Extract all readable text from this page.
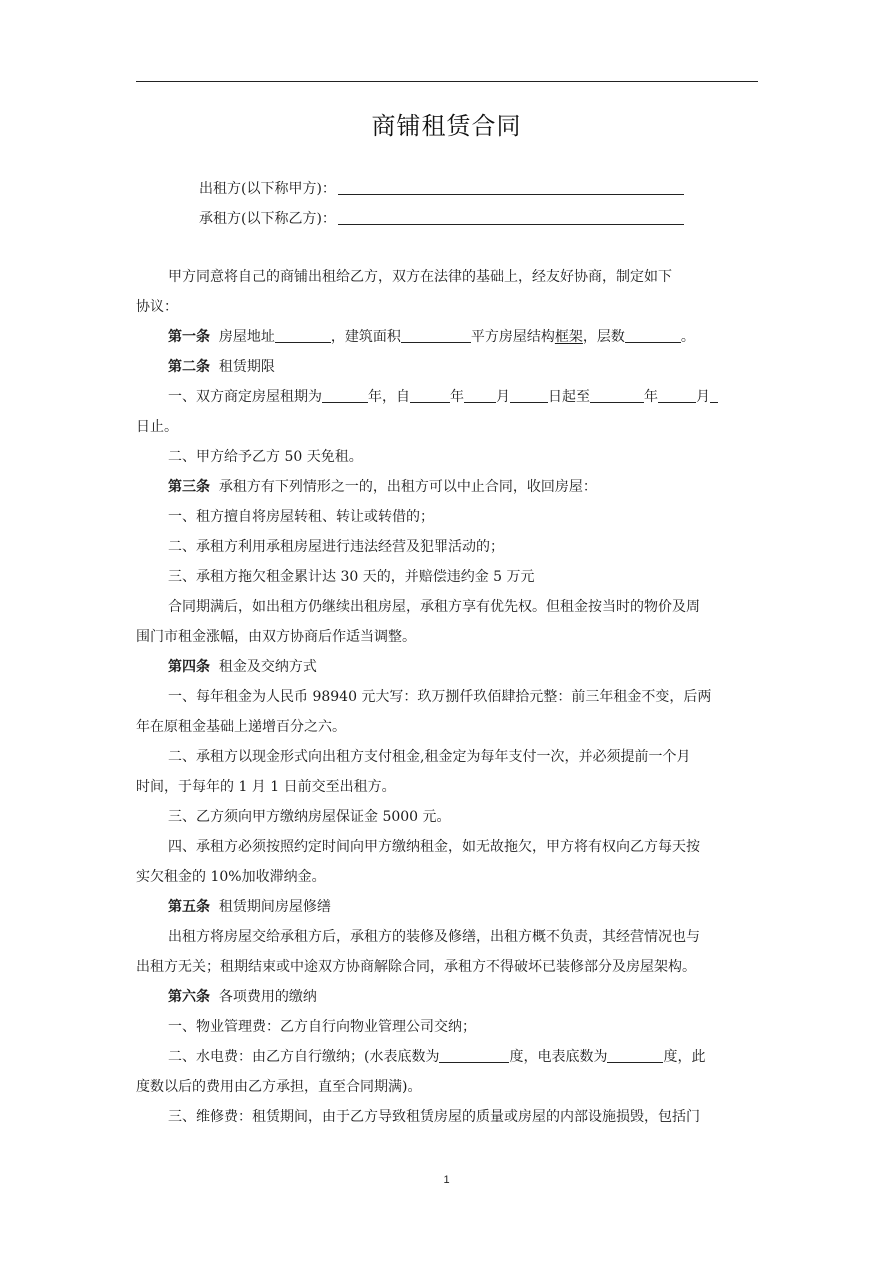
商铺租赁合同
出租方(以下称甲方)：
承租方(以下称乙方)：
甲方同意将自己的商铺出租给乙方，双方在法律的基础上，经友好协商，制定如下
协议：
第一条 房屋地址	，建筑面积	平方房屋结构框架，层数	。
第二条 租赁期限
一、双方商定房屋租期为	年，自	年 月	日起至	年	月
日止。
二、甲方给予乙方 50 天免租。
第三条 承租方有下列情形之一的，出租方可以中止合同，收回房屋：
一、租方擅自将房屋转租、转让或转借的；
二、承租方利用承租房屋进行违法经营及犯罪活动的；
三、承租方拖欠租金累计达 30 天的，并赔偿违约金 5 万元
合同期满后，如出租方仍继续出租房屋，承租方享有优先权。但租金按当时的物价及周
围门市租金涨幅，由双方协商后作适当调整。
第四条 租金及交纳方式
一、每年租金为人民币 98940 元大写：玖万捌仟玖佰肆拾元整：前三年租金不变，后两
年在原租金基础上递增百分之六。
二、承租方以现金形式向出租方支付租金,租金定为每年支付一次，并必须提前一个月
时间，于每年的 1 月 1 日前交至出租方。
三、乙方须向甲方缴纳房屋保证金 5000 元。
四、承租方必须按照约定时间向甲方缴纳租金，如无故拖欠，甲方将有权向乙方每天按
实欠租金的 10%加收滞纳金。
第五条 租赁期间房屋修缮
出租方将房屋交给承租方后，承租方的装修及修缮，出租方概不负责，其经营情况也与
出租方无关；租期结束或中途双方协商解除合同，承租方不得破坏已装修部分及房屋架构。
第六条 各项费用的缴纳
一、物业管理费：乙方自行向物业管理公司交纳；
二、水电费：由乙方自行缴纳；(水表底数为	度，电表底数为	度，此
度数以后的费用由乙方承担，直至合同期满)。
三、维修费：租赁期间，由于乙方导致租赁房屋的质量或房屋的内部设施损毁，包括门
1
